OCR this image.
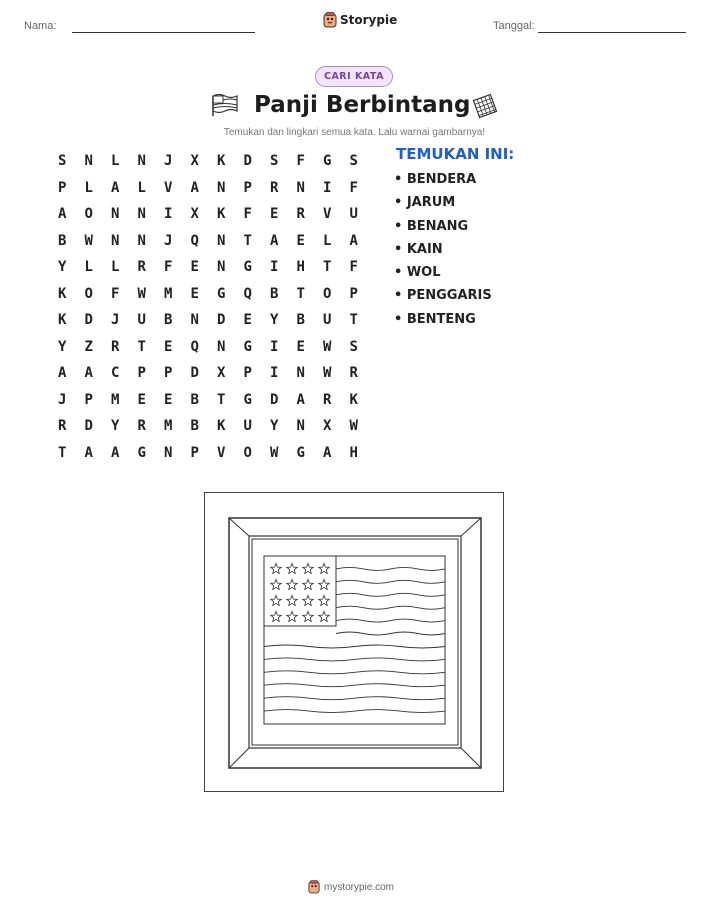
Nama:	Storypie	Tanggal:
CARI KATA
Panji Berbintang
Temukan dan lingkari semua kata. Lalu warnai gambarnya!
S	N	L	N	J	X	K	D	S	F	G	S
P	L	A	L	V	A	N	P	R	N	I	F
A	O	N	N	I	X	K	F	E	R	V	U
B	W	N	N	J	Q	N	T	A	E	L	A
Y	L	L	R	F	E	N	G	I	H	T	F
K	O	F	W	M	E	G	Q	B	T	O	P
K	D	J	U	B	N	D	E	Y	B	U	T
Y	Z	R	T	E	Q	N	G	I	E	W	S
A	A	C	P	P	D	X	P	I	N	W	R
J	P	M	E	E	B	T	G	D	A	R	K
R	D	Y	R	M	B	K	U	Y	N	X	W
T	A	A	G	N	P	V	O	W	G	A	H
TEMUKAN INI:
• BENDERA
• JARUM
• BENANG
• KAIN
• WOL
• PENGGARIS
• BENTENG
mystorypie.com
